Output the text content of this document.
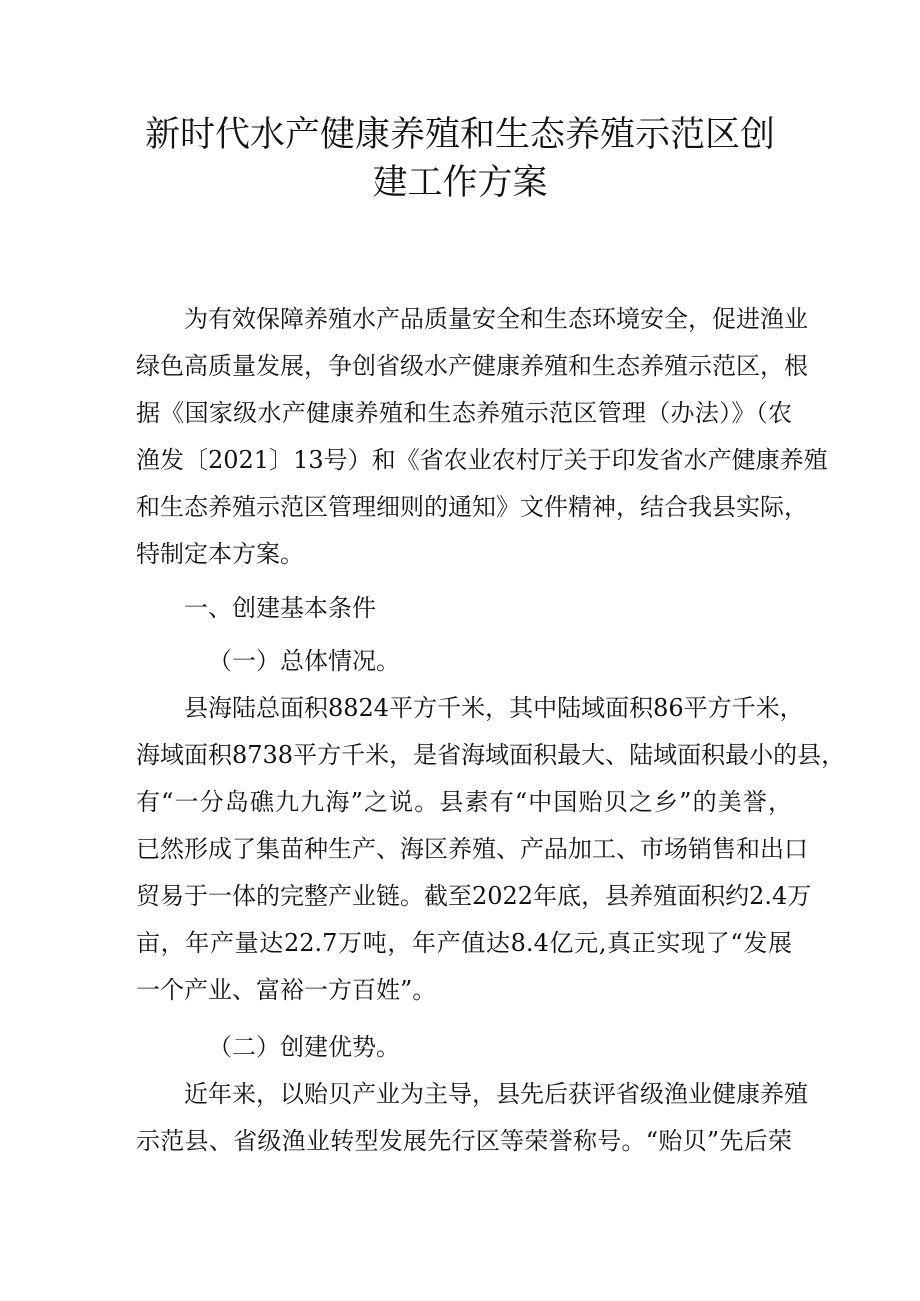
新时代水产健康养殖和生态养殖示范区创
建工作方案
为有效保障养殖水产品质量安全和生态环境安全，促进渔业
绿色高质量发展，争创省级水产健康养殖和生态养殖示范区，根
据《国家级水产健康养殖和生态养殖示范区管理（办法）》（农
渔发〔2021〕13号）和《省农业农村厅关于印发省水产健康养殖
和生态养殖示范区管理细则的通知》文件精神，结合我县实际，
特制定本方案。
一、创建基本条件
（一）总体情况。
县海陆总面积8824平方千米，其中陆域面积86平方千米，
海域面积8738平方千米，是省海域面积最大、陆域面积最小的县，
有“一分岛礁九九海”之说。县素有“中国贻贝之乡”的美誉，
已然形成了集苗种生产、海区养殖、产品加工、市场销售和出口
贸易于一体的完整产业链。截至2022年底，县养殖面积约2.4万
亩，年产量达22.7万吨，年产值达8.4亿元,真正实现了“发展
一个产业、富裕一方百姓”。
（二）创建优势。
近年来，以贻贝产业为主导，县先后获评省级渔业健康养殖
示范县、省级渔业转型发展先行区等荣誉称号。“贻贝”先后荣
